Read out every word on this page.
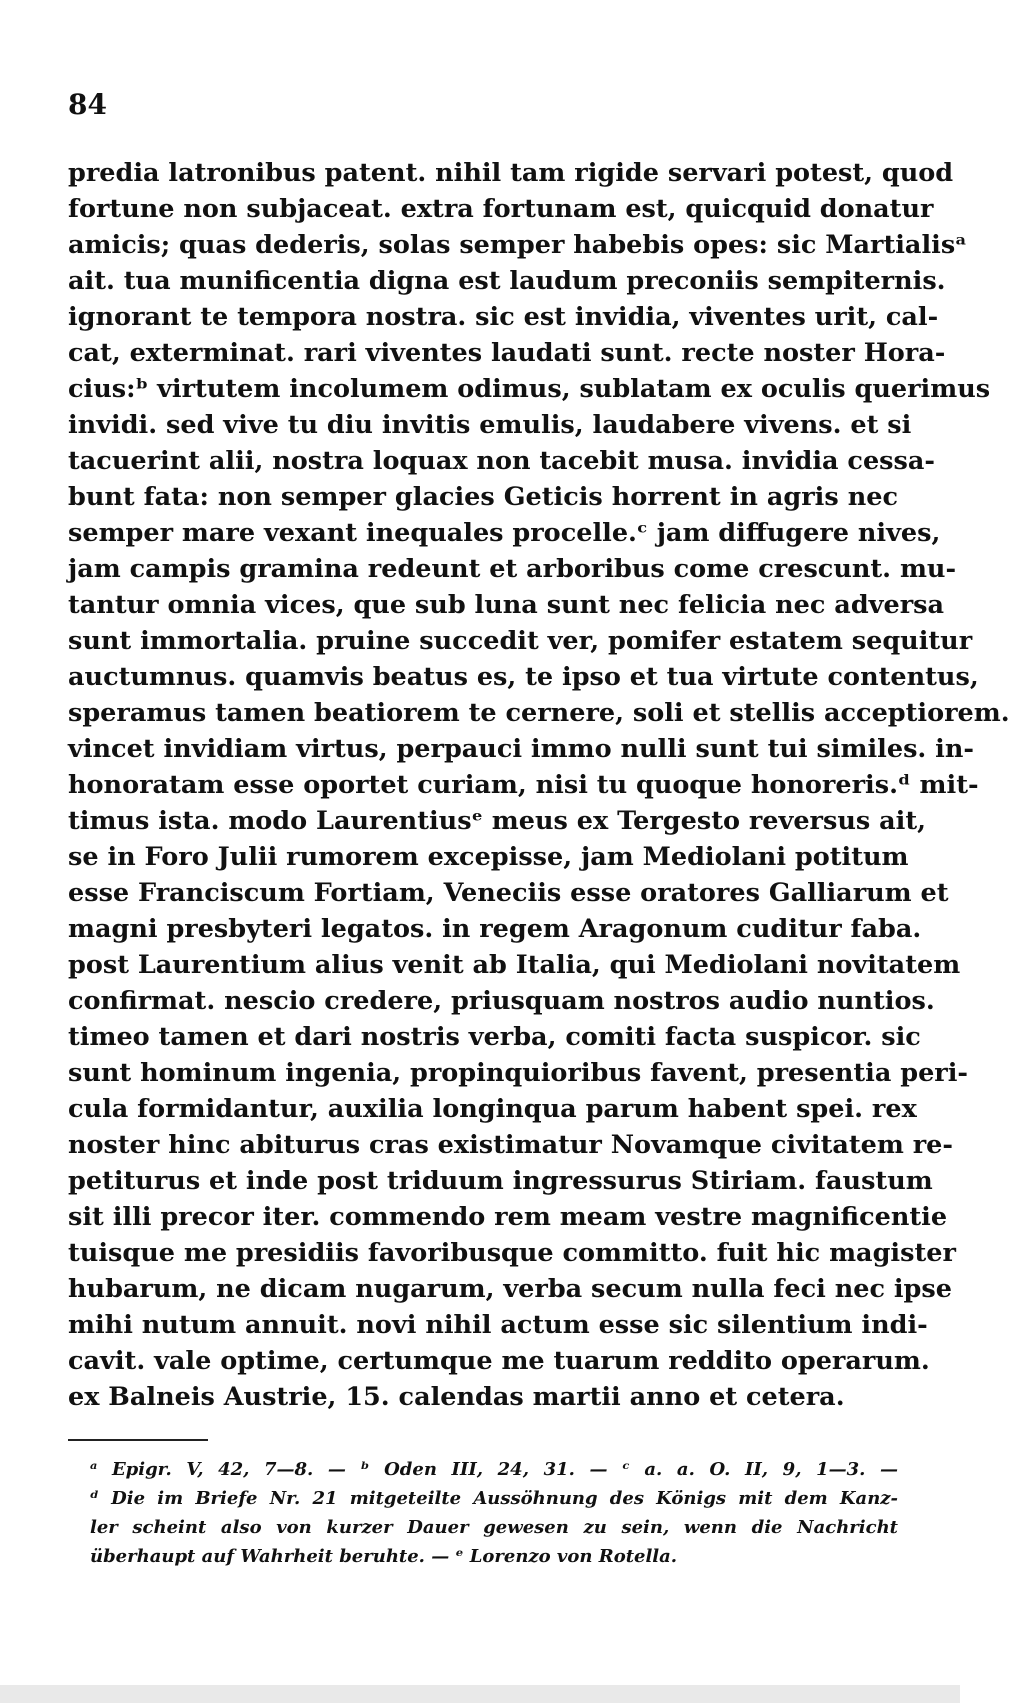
84
predia latronibus patent. nihil tam rigide servari potest, quod
fortune non subjaceat. extra fortunam est, quicquid donatur
amicis; quas dederis, solas semper habebis opes: sic Martialisᵃ
ait. tua munificentia digna est laudum preconiis sempiternis.
ignorant te tempora nostra. sic est invidia, viventes urit, cal-
cat, exterminat. rari viventes laudati sunt. recte noster Hora-
cius:ᵇ virtutem incolumem odimus, sublatam ex oculis querimus
invidi. sed vive tu diu invitis emulis, laudabere vivens. et si
tacuerint alii, nostra loquax non tacebit musa. invidia cessa-
bunt fata: non semper glacies Geticis horrent in agris nec
semper mare vexant inequales procelle.ᶜ jam diffugere nives,
jam campis gramina redeunt et arboribus come crescunt. mu-
tantur omnia vices, que sub luna sunt nec felicia nec adversa
sunt immortalia. pruine succedit ver, pomifer estatem sequitur
auctumnus. quamvis beatus es, te ipso et tua virtute contentus,
speramus tamen beatiorem te cernere, soli et stellis acceptiorem.
vincet invidiam virtus, perpauci immo nulli sunt tui similes. in-
honoratam esse oportet curiam, nisi tu quoque honoreris.ᵈ mit-
timus ista. modo Laurentiusᵉ meus ex Tergesto reversus ait,
se in Foro Julii rumorem excepisse, jam Mediolani potitum
esse Franciscum Fortiam, Veneciis esse oratores Galliarum et
magni presbyteri legatos. in regem Aragonum cuditur faba.
post Laurentium alius venit ab Italia, qui Mediolani novitatem
confirmat. nescio credere, priusquam nostros audio nuntios.
timeo tamen et dari nostris verba, comiti facta suspicor. sic
sunt hominum ingenia, propinquioribus favent, presentia peri-
cula formidantur, auxilia longinqua parum habent spei. rex
noster hinc abiturus cras existimatur Novamque civitatem re-
petiturus et inde post triduum ingressurus Stiriam. faustum
sit illi precor iter. commendo rem meam vestre magnificentie
tuisque me presidiis favoribusque committo. fuit hic magister
hubarum, ne dicam nugarum, verba secum nulla feci nec ipse
mihi nutum annuit. novi nihil actum esse sic silentium indi-
cavit. vale optime, certumque me tuarum reddito operarum.
ex Balneis Austrie, 15. calendas martii anno et cetera.
ᵃ Epigr. V, 42, 7—8. — ᵇ Oden III, 24, 31. — ᶜ a. a. O. II, 9, 1—3. —
ᵈ Die im Briefe Nr. 21 mitgeteilte Aussöhnung des Königs mit dem Kanz-
ler scheint also von kurzer Dauer gewesen zu sein, wenn die Nachricht
überhaupt auf Wahrheit beruhte. — ᵉ Lorenzo von Rotella.
